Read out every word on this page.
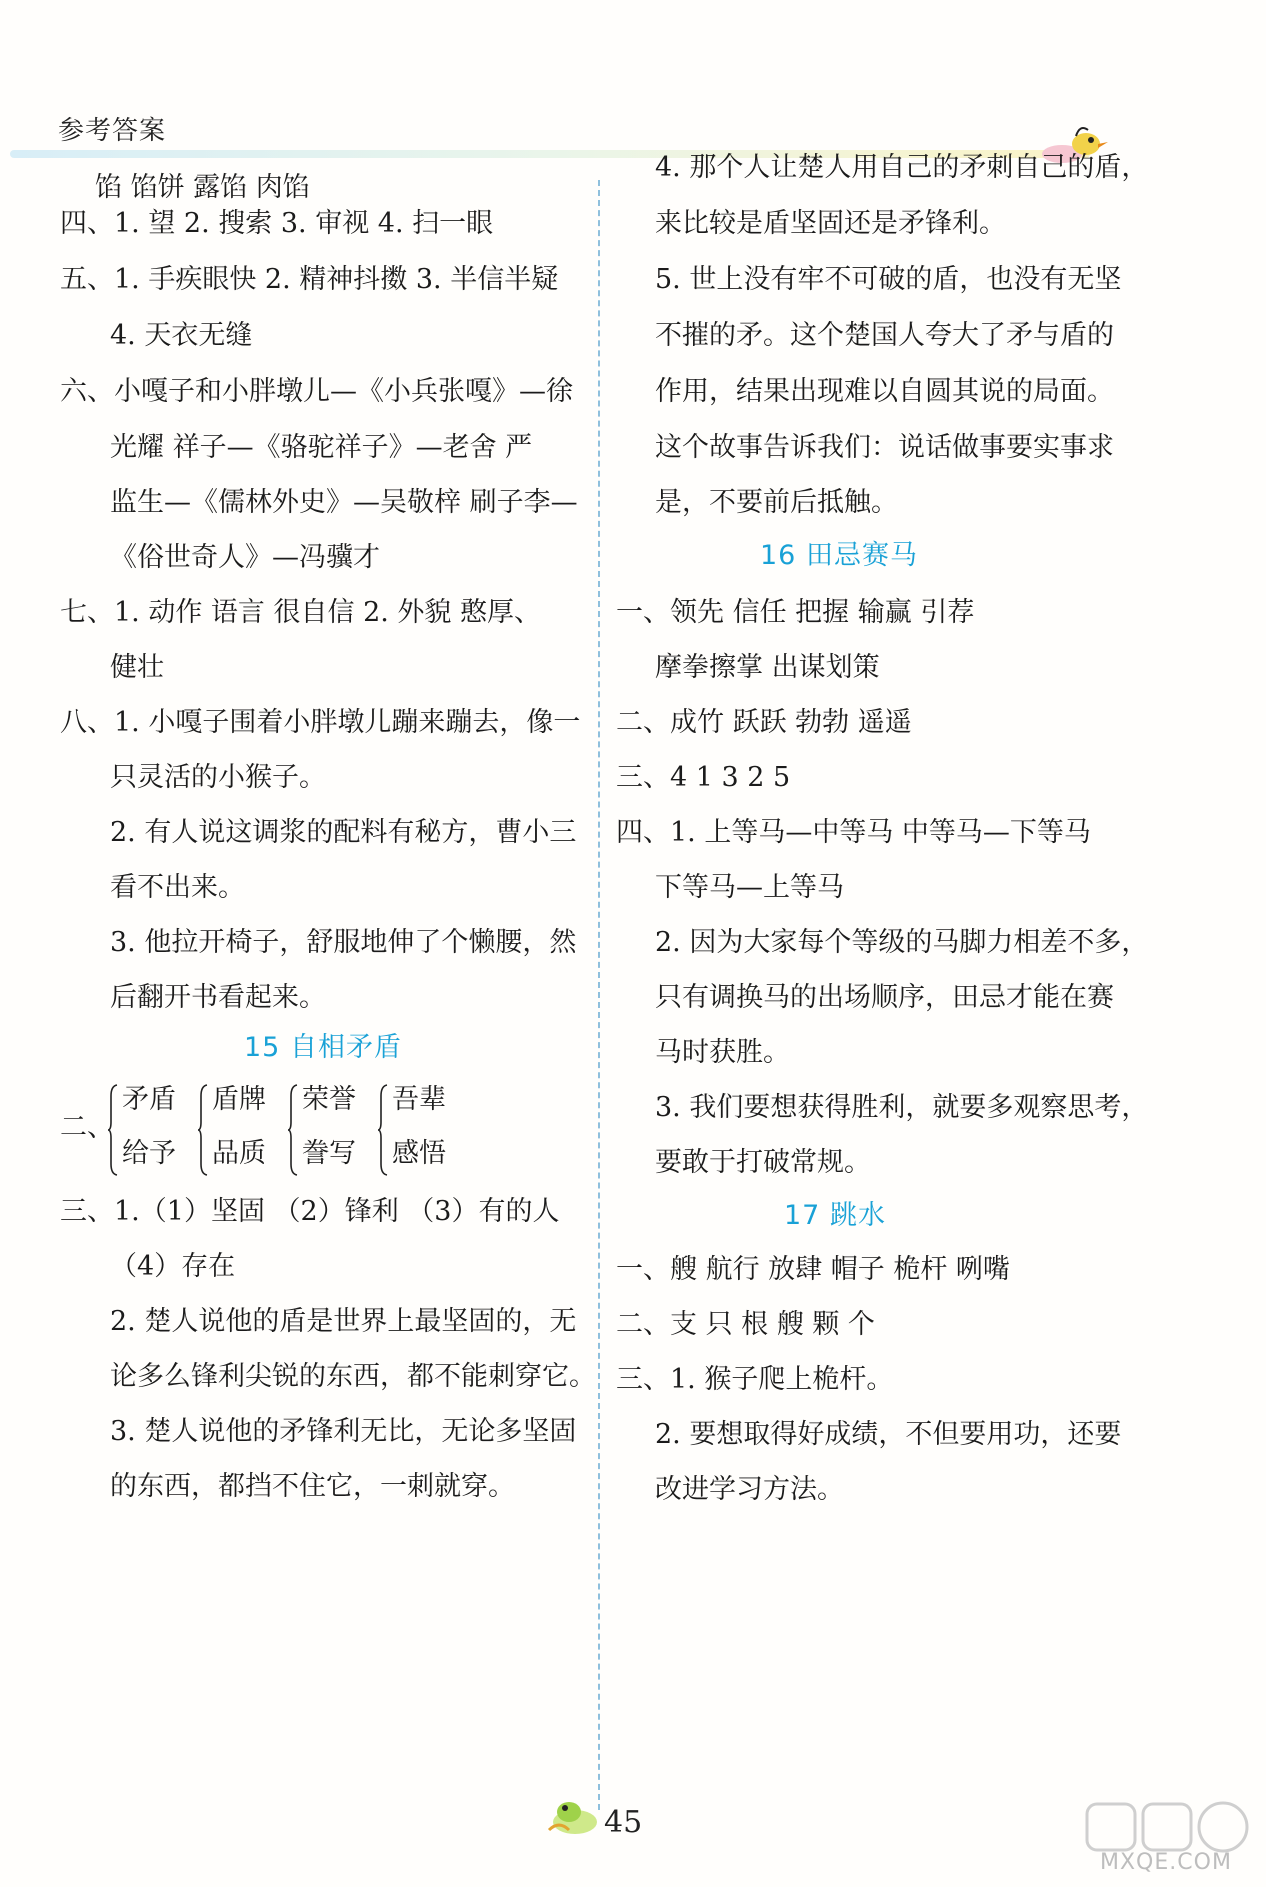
参考答案
馅 馅饼 露馅 肉馅
四、1. 望 2. 搜索 3. 审视 4. 扫一眼
五、1. 手疾眼快 2. 精神抖擞 3. 半信半疑
4. 天衣无缝
六、小嘎子和小胖墩儿—《小兵张嘎》—徐
光耀 祥子—《骆驼祥子》—老舍 严
监生—《儒林外史》—吴敬梓 刷子李—
《俗世奇人》—冯骥才
七、1. 动作 语言 很自信 2. 外貌 憨厚、
健壮
八、1. 小嘎子围着小胖墩儿蹦来蹦去，像一
只灵活的小猴子。
2. 有人说这调浆的配料有秘方，曹小三
看不出来。
3. 他拉开椅子，舒服地伸了个懒腰，然
后翻开书看起来。
15 自相矛盾
二、
矛盾
给予
盾牌
品质
荣誉
誊写
吾辈
感悟
三、1.（1）坚固 （2）锋利 （3）有的人
（4）存在
2. 楚人说他的盾是世界上最坚固的，无
论多么锋利尖锐的东西，都不能刺穿它。
3. 楚人说他的矛锋利无比，无论多坚固
的东西，都挡不住它，一刺就穿。
4. 那个人让楚人用自己的矛刺自己的盾，
来比较是盾坚固还是矛锋利。
5. 世上没有牢不可破的盾，也没有无坚
不摧的矛。这个楚国人夸大了矛与盾的
作用，结果出现难以自圆其说的局面。
这个故事告诉我们：说话做事要实事求
是，不要前后抵触。
16 田忌赛马
一、领先 信任 把握 输赢 引荐
摩拳擦掌 出谋划策
二、成竹 跃跃 勃勃 遥遥
三、4 1 3 2 5
四、1. 上等马—中等马 中等马—下等马
下等马—上等马
2. 因为大家每个等级的马脚力相差不多，
只有调换马的出场顺序，田忌才能在赛
马时获胜。
3. 我们要想获得胜利，就要多观察思考，
要敢于打破常规。
17 跳水
一、艘 航行 放肆 帽子 桅杆 咧嘴
二、支 只 根 艘 颗 个
三、1. 猴子爬上桅杆。
2. 要想取得好成绩，不但要用功，还要
改进学习方法。
45
MXQE.COM
